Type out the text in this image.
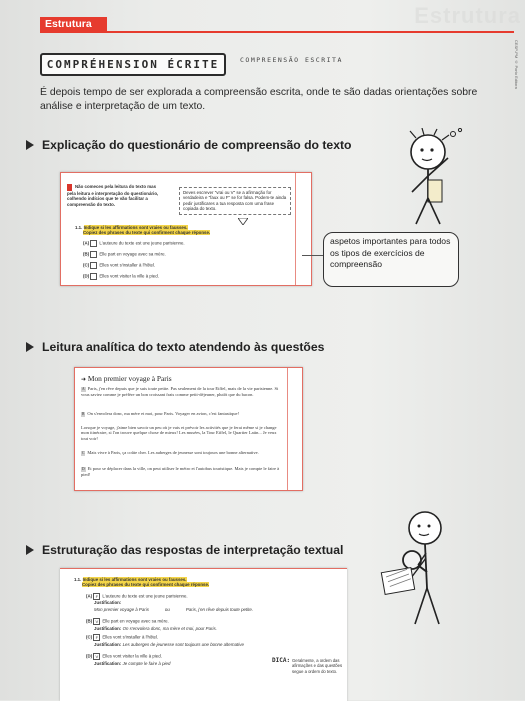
Estrutura
Estrutura
CESP-PM © Porto Editora
COMPRÉHENSION ÉCRITE	COMPREENSÃO ESCRITA
É depois tempo de ser explorada a compreensão escrita, onde te são dadas orientações sobre análise e interpretação de um texto.
Explicação do questionário de compreensão do texto
Não comeces pela leitura do texto mas pela leitura e interpretação do questionário, colhendo indícios que te vão facilitar a compreensão do texto.
Deves escrever "vrai ou V" se a afirmação for verdadeira e "faux ou F" se for falsa. Podem-te ainda pedir justificares a tua resposta com uma frase copiada do texto.
1.1. Indique si les affirmations sont vraies ou fausses.
Copiez des phrases du texte qui confirment chaque réponse.
(A) L'auteure du texte est une jeune parisienne.
(B) Elle part en voyage avec sa mère.
(C) Elles vont s'installer à l'hôtel.
(D) Elles vont visiter la ville à pied.
aspetos importantes para todos os tipos de exercícios de compreensão
Leitura analítica do texto atendendo às questões
➜ Mon premier voyage à Paris
A Paris, j'en rêve depuis que je suis toute petite. Pas seulement de la tour Eiffel, mais de la vie parisienne. Si vous saviez comme je préfère un bon croissant frais comme petit-déjeuner, plutôt que du bacon.
B On s'envolera donc, ma mère et moi, pour Paris. Voyager en avion, c'est fantastique!
Lorsque je voyage, j'aime bien savoir un peu où je vais et prévoir les activités que je ferai même si je change mon itinéraire, si l'on trouve quelque chose de mieux! Les musées, la Tour Eiffel, le Quartier Latin... Je veux tout voir!
C Mais vivre à Paris, ça coûte cher. Les auberges de jeunesse sont toujours une bonne alternative.
D Et pour se déplacer dans la ville, on peut utiliser le métro et l'autobus touristique. Mais je compte le faire à pied!
Estruturação das respostas de interpretação textual
1.1. Indique si les affirmations sont vraies ou fausses.
Copiez des phrases du texte qui confirment chaque réponse.
(A) F L'auteure du texte est une jeune parisienne.
Justification:
Mon premier voyage à Paris	ou	Paris, j'en rêve depuis toute petite.
(B) V Elle part en voyage avec sa mère.
Justification: On s'envolera donc, ma mère et moi, pour Paris.
(C) F Elles vont s'installer à l'hôtel.
Justification: Les auberges de jeunesse sont toujours une bonne alternative
(D) V Elles vont visiter la ville à pied.
Justification: Je compte le faire à pied	DICA: Geralmente, a ordem das afirmações e das questões segue a ordem do texto.
